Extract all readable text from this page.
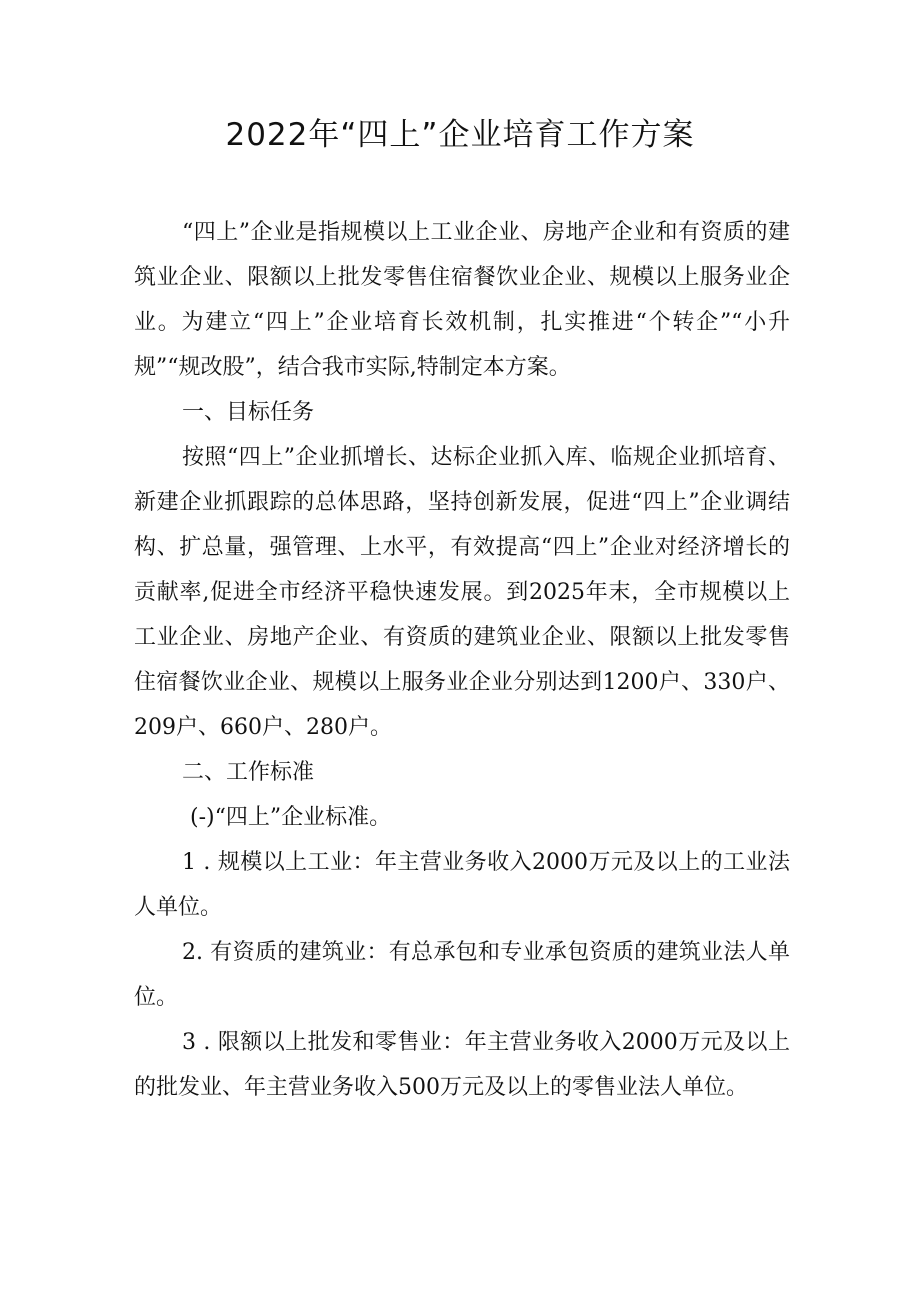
2022年“四上”企业培育工作方案

“四上”企业是指规模以上工业企业、房地产企业和有资质的建筑业企业、限额以上批发零售住宿餐饮业企业、规模以上服务业企业。为建立“四上”企业培育长效机制，扎实推进“个转企”“小升规”“规改股”，结合我市实际,特制定本方案。

一、目标任务

按照“四上”企业抓增长、达标企业抓入库、临规企业抓培育、新建企业抓跟踪的总体思路，坚持创新发展，促进“四上”企业调结构、扩总量，强管理、上水平，有效提高“四上”企业对经济增长的贡献率,促进全市经济平稳快速发展。到2025年末，全市规模以上工业企业、房地产企业、有资质的建筑业企业、限额以上批发零售住宿餐饮业企业、规模以上服务业企业分别达到1200户、330户、209户、660户、280户。

二、工作标准

(-)“四上”企业标准。

1 . 规模以上工业：年主营业务收入2000万元及以上的工业法人单位。

2. 有资质的建筑业：有总承包和专业承包资质的建筑业法人单位。

3 . 限额以上批发和零售业：年主营业务收入2000万元及以上的批发业、年主营业务收入500万元及以上的零售业法人单位。
